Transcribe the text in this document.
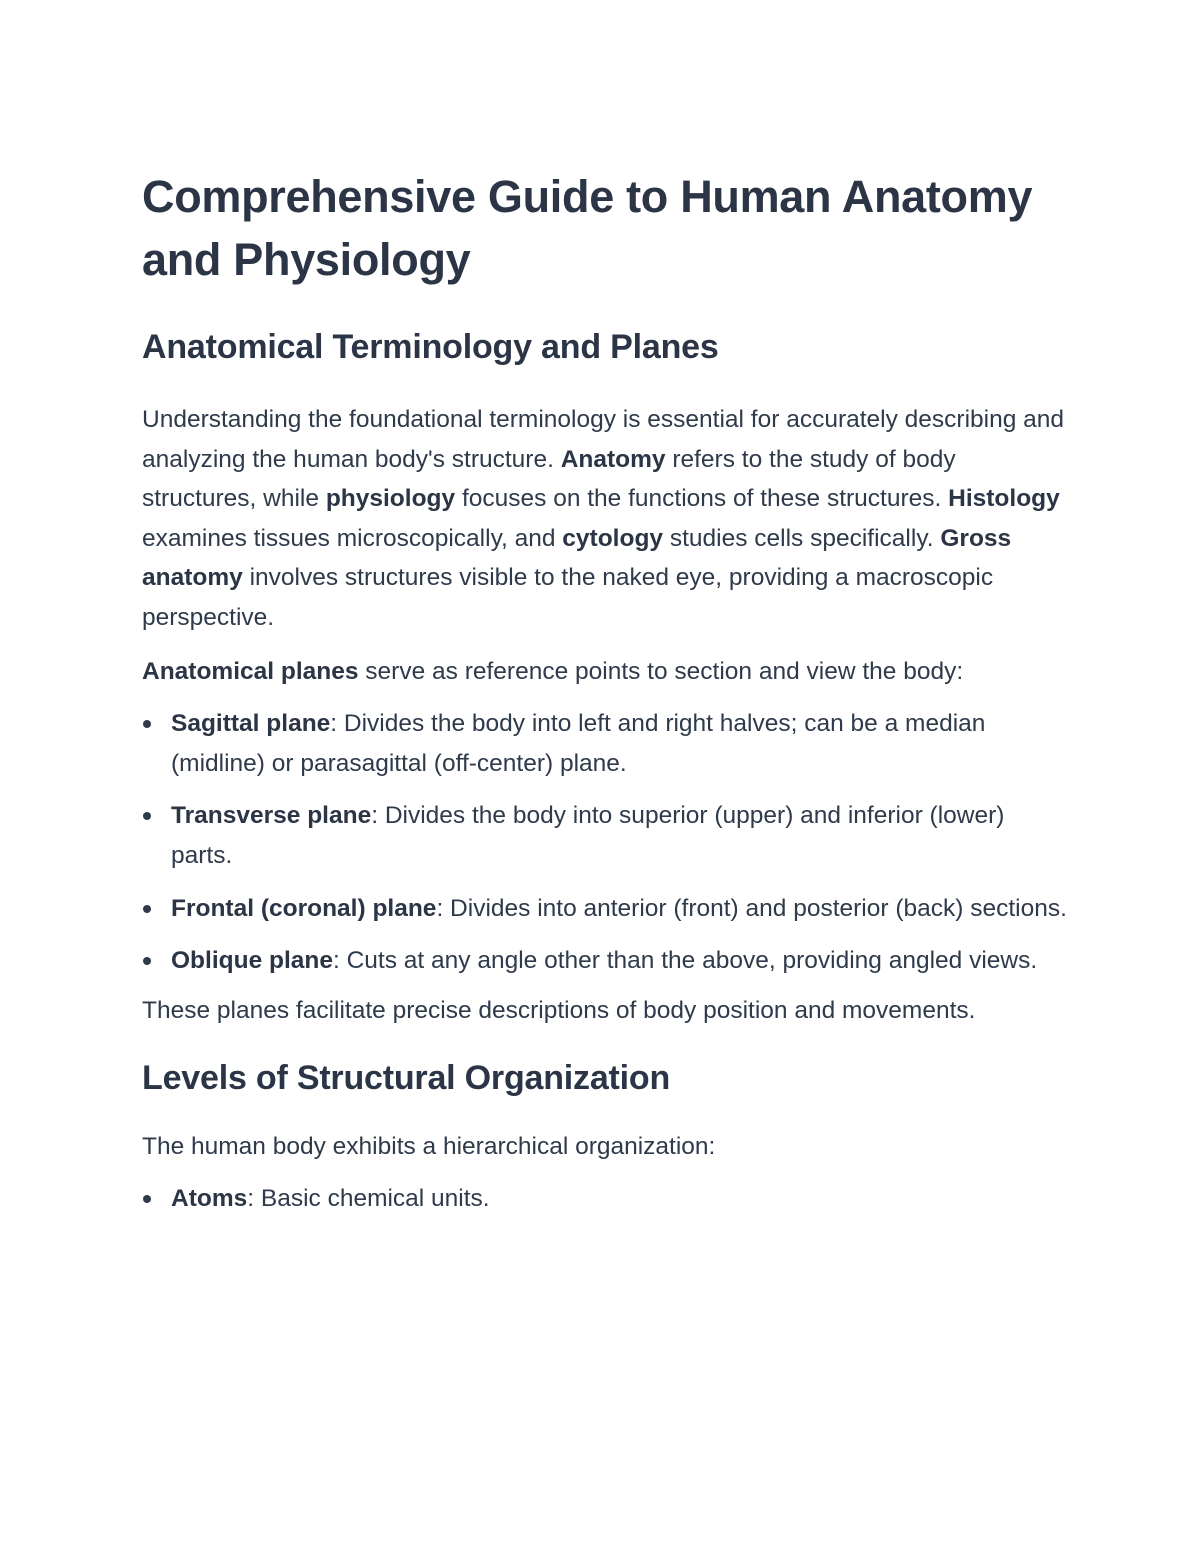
Comprehensive Guide to Human Anatomy and Physiology
Anatomical Terminology and Planes

Understanding the foundational terminology is essential for accurately describing and analyzing the human body's structure. Anatomy refers to the study of body structures, while physiology focuses on the functions of these structures. Histology examines tissues microscopically, and cytology studies cells specifically. Gross anatomy involves structures visible to the naked eye, providing a macroscopic perspective.

Anatomical planes serve as reference points to section and view the body:

Sagittal plane: Divides the body into left and right halves; can be a median (midline) or parasagittal (off-center) plane.
Transverse plane: Divides the body into superior (upper) and inferior (lower) parts.
Frontal (coronal) plane: Divides into anterior (front) and posterior (back) sections.
Oblique plane: Cuts at any angle other than the above, providing angled views.

These planes facilitate precise descriptions of body position and movements.

Levels of Structural Organization

The human body exhibits a hierarchical organization:

Atoms: Basic chemical units.
